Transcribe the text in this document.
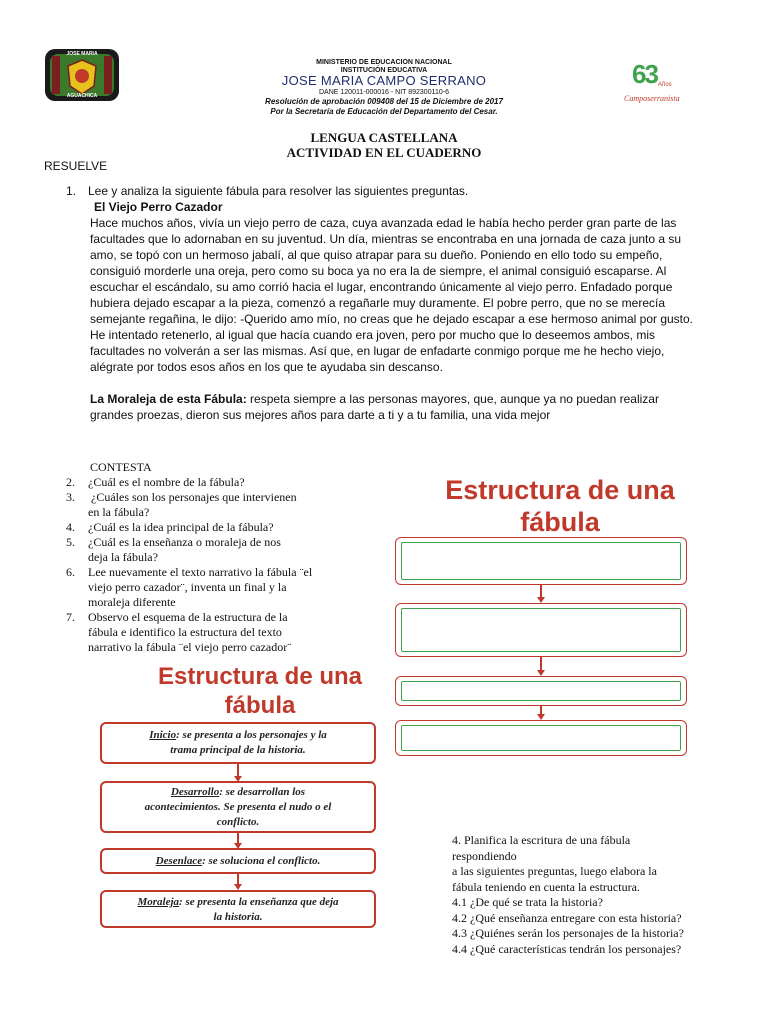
JOSE MARIA
AGUACHICA
MINISTERIO DE EDUCACION NACIONAL
INSTITUCIÓN EDUCATIVA
JOSE MARIA CAMPO SERRANO
DANE 120011-000016 - NIT 892300110-6
Resolución de aprobación 009408 del 15 de Diciembre de 2017
Por la Secretaría de Educación del Departamento del Cesar.
63 Años
Camposerranista
LENGUA CASTELLANA
ACTIVIDAD EN EL CUADERNO
RESUELVE
1. Lee y analiza la siguiente fábula para resolver las siguientes preguntas.
El Viejo Perro Cazador
Hace muchos años, vivía un viejo perro de caza, cuya avanzada edad le había hecho perder gran parte de las
facultades que lo adornaban en su juventud. Un día, mientras se encontraba en una jornada de caza junto a su
amo, se topó con un hermoso jabalí, al que quiso atrapar para su dueño. Poniendo en ello todo su empeño,
consiguió morderle una oreja, pero como su boca ya no era la de siempre, el animal consiguió escaparse. Al
escuchar el escándalo, su amo corrió hacia el lugar, encontrando únicamente al viejo perro. Enfadado porque
hubiera dejado escapar a la pieza, comenzó a regañarle muy duramente. El pobre perro, que no se merecía
semejante regañina, le dijo: -Querido amo mío, no creas que he dejado escapar a ese hermoso animal por gusto.
He intentado retenerlo, al igual que hacía cuando era joven, pero por mucho que lo deseemos ambos, mis
facultades no volverán a ser las mismas. Así que, en lugar de enfadarte conmigo porque me he hecho viejo,
alégrate por todos esos años en los que te ayudaba sin descanso.
La Moraleja de esta Fábula: respeta siempre a las personas mayores, que, aunque ya no puedan realizar
grandes proezas, dieron sus mejores años para darte a ti y a tu familia, una vida mejor
CONTESTA
2. ¿Cuál es el nombre de la fábula?
3. ¿Cuáles son los personajes que intervienen
en la fábula?
4. ¿Cuál es la idea principal de la fábula?
5. ¿Cuál es la enseñanza o moraleja de nos
deja la fábula?
6. Lee nuevamente el texto narrativo la fábula ¨el
viejo perro cazador¨, inventa un final y la
moraleja diferente
7. Observo el esquema de la estructura de la
fábula e identifico la estructura del texto
narrativo la fábula ¨el viejo perro cazador¨
Estructura de una
fábula
Estructura de una
fábula
Inicio: se presenta a los personajes y la
trama principal de la historia.
Desarrollo: se desarrollan los
acontecimientos. Se presenta el nudo o el
conflicto.
Desenlace: se soluciona el conflicto.
Moraleja: se presenta la enseñanza que deja
la historia.
4. Planifica la escritura de una fábula
respondiendo
a las siguientes preguntas, luego elabora la
fábula teniendo en cuenta la estructura.
4.1 ¿De qué se trata la historia?
4.2 ¿Qué enseñanza entregare con esta historia?
4.3 ¿Quiénes serán los personajes de la historia?
4.4 ¿Qué características tendrán los personajes?
